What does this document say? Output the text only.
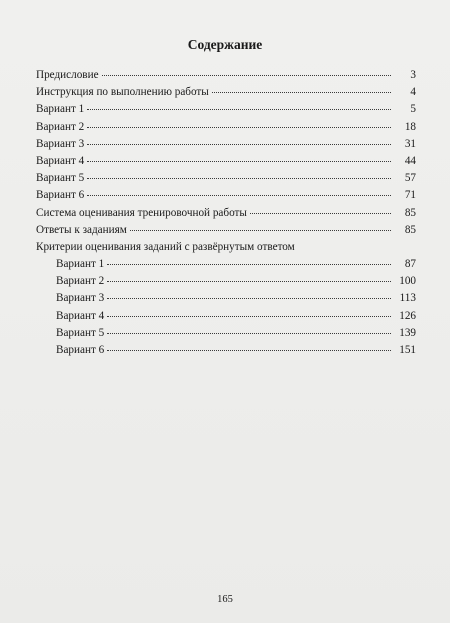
Содержание
Предисловие	3
Инструкция по выполнению работы	4
Вариант 1	5
Вариант 2	18
Вариант 3	31
Вариант 4	44
Вариант 5	57
Вариант 6	71
Система оценивания тренировочной работы	85
Ответы к заданиям	85
Критерии оценивания заданий с развёрнутым ответом
Вариант 1	87
Вариант 2	100
Вариант 3	113
Вариант 4	126
Вариант 5	139
Вариант 6	151
165
